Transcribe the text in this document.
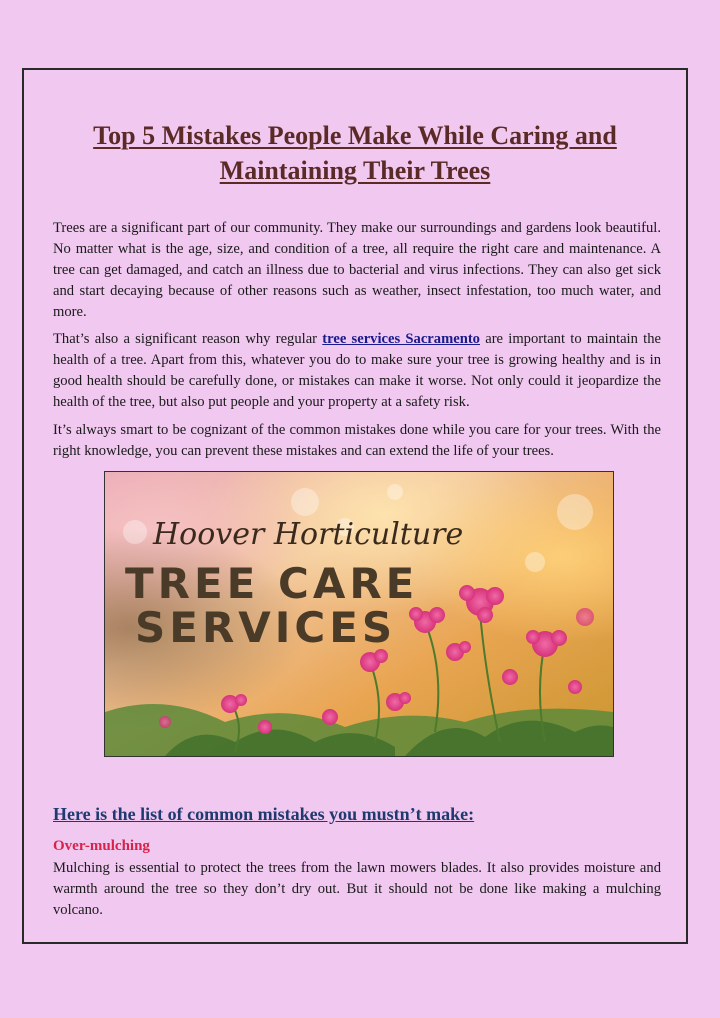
Top 5 Mistakes People Make While Caring and Maintaining Their Trees

Trees are a significant part of our community. They make our surroundings and gardens look beautiful. No matter what is the age, size, and condition of a tree, all require the right care and maintenance. A tree can get damaged, and catch an illness due to bacterial and virus infections. They can also get sick and start decaying because of other reasons such as weather, insect infestation, too much water, and more.

That’s also a significant reason why regular tree services Sacramento are important to maintain the health of a tree. Apart from this, whatever you do to make sure your tree is growing healthy and is in good health should be carefully done, or mistakes can make it worse. Not only could it jeopardize the health of the tree, but also put people and your property at a safety risk.

It’s always smart to be cognizant of the common mistakes done while you care for your trees. With the right knowledge, you can prevent these mistakes and can extend the life of your trees.

Hoover Horticulture
TREE CARE
SERVICES
Here is the list of common mistakes you mustn’t make:
Over-mulching

Mulching is essential to protect the trees from the lawn mowers blades. It also provides moisture and warmth around the tree so they don’t dry out. But it should not be done like making a mulching volcano.
